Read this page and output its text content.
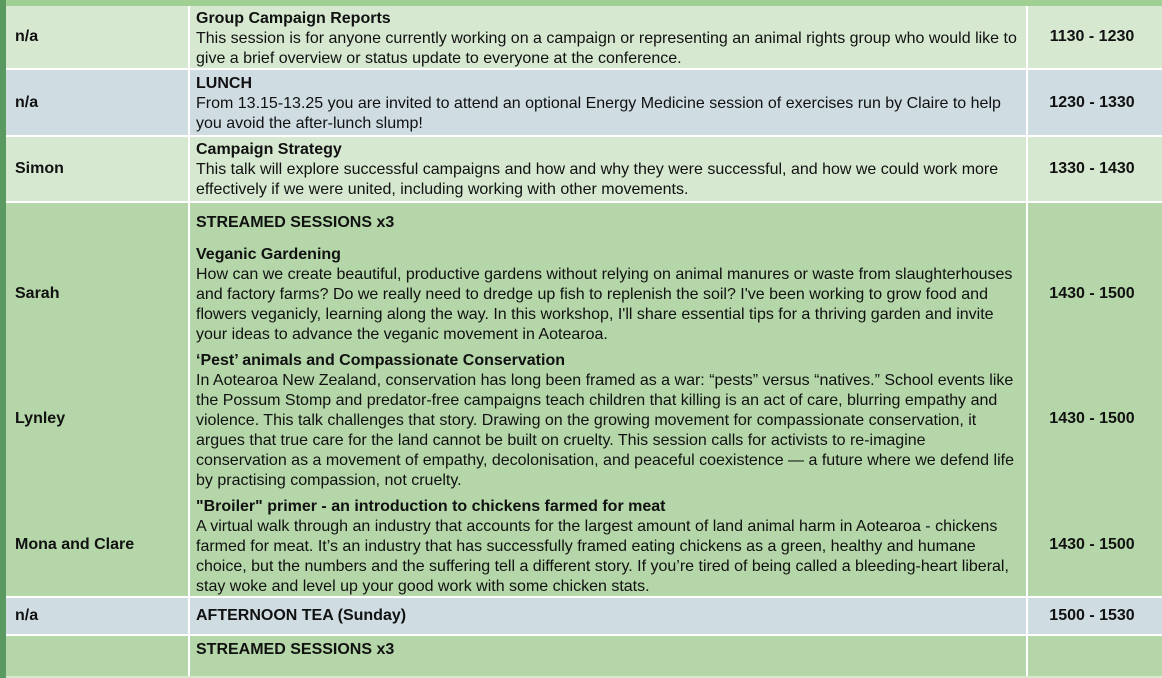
n/a
Group Campaign Reports
This session is for anyone currently working on a campaign or representing an animal rights group who would like to give a brief overview or status update to everyone at the conference.
1130 - 1230
n/a
LUNCH
From 13.15-13.25 you are invited to attend an optional Energy Medicine session of exercises run by Claire to help you avoid the after-lunch slump!
1230 - 1330
Simon
Campaign Strategy
This talk will explore successful campaigns and how and why they were successful, and how we could work more effectively if we were united, including working with other movements.
1330 - 1430
Sarah
Lynley
Mona and Clare
STREAMED SESSIONS x3
Veganic Gardening
How can we create beautiful, productive gardens without relying on animal manures or waste from slaughterhouses and factory farms? Do we really need to dredge up fish to replenish the soil? I've been working to grow food and flowers veganicly, learning along the way. In this workshop, I'll share essential tips for a thriving garden and invite your ideas to advance the veganic movement in Aotearoa.
‘Pest’ animals and Compassionate Conservation
In Aotearoa New Zealand, conservation has long been framed as a war: “pests” versus “natives.” School events like the Possum Stomp and predator-free campaigns teach children that killing is an act of care, blurring empathy and violence. This talk challenges that story. Drawing on the growing movement for compassionate conservation, it argues that true care for the land cannot be built on cruelty. This session calls for activists to re-imagine conservation as a movement of empathy, decolonisation, and peaceful coexistence — a future where we defend life by practising compassion, not cruelty.
"Broiler" primer - an introduction to chickens farmed for meat
A virtual walk through an industry that accounts for the largest amount of land animal harm in Aotearoa - chickens farmed for meat. It’s an industry that has successfully framed eating chickens as a green, healthy and humane choice, but the numbers and the suffering tell a different story. If you’re tired of being called a bleeding-heart liberal, stay woke and level up your good work with some chicken stats.
1430 - 1500
1430 - 1500
1430 - 1500
n/a	AFTERNOON TEA (Sunday)	1500 - 1530
STREAMED SESSIONS x3
